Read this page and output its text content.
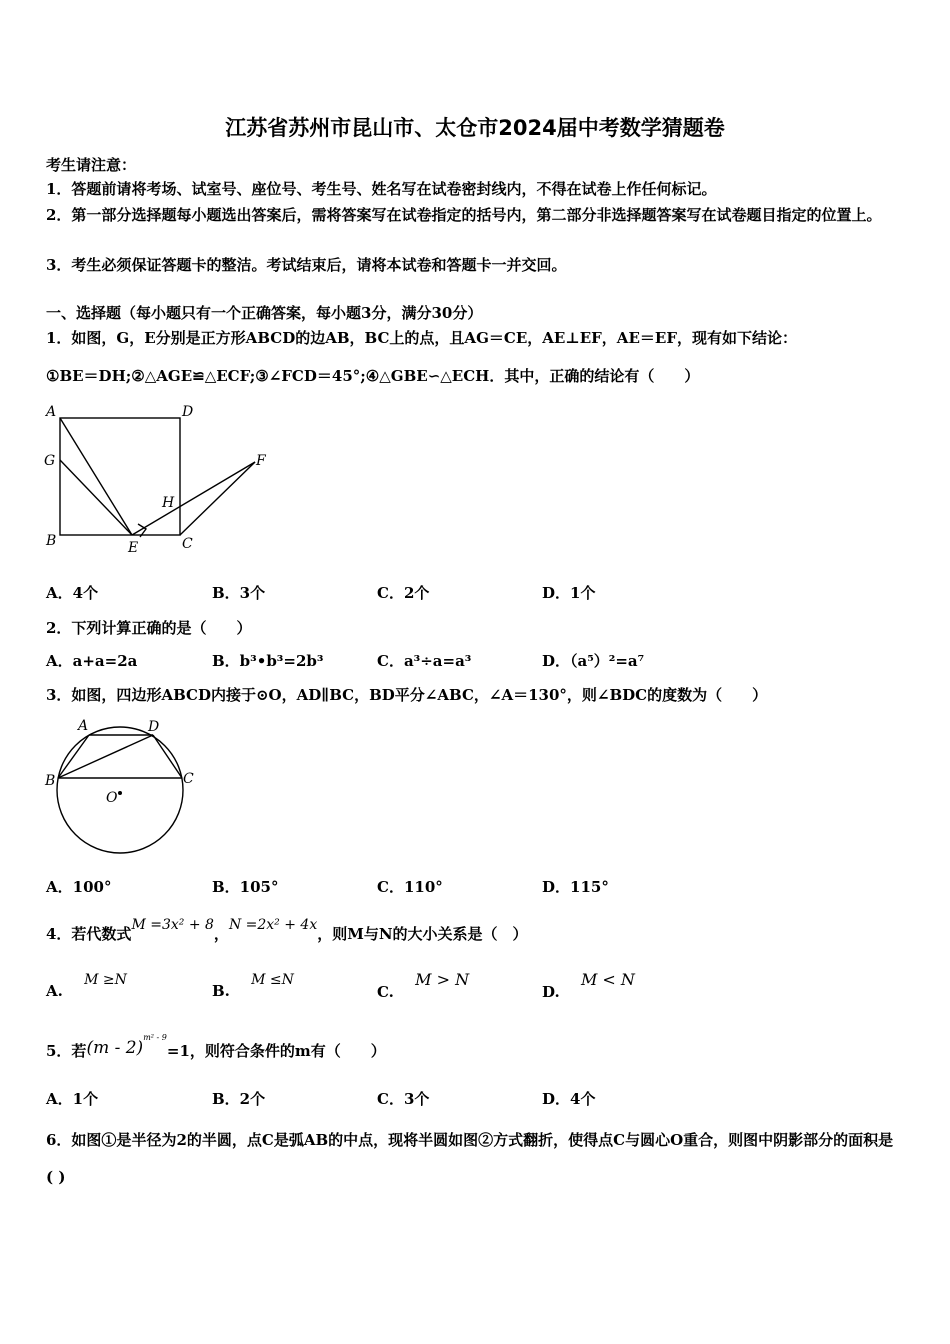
江苏省苏州市昆山市、太仓市2024届中考数学猜题卷
考生请注意：
1．答题前请将考场、试室号、座位号、考生号、姓名写在试卷密封线内，不得在试卷上作任何标记。
2．第一部分选择题每小题选出答案后，需将答案写在试卷指定的括号内，第二部分非选择题答案写在试卷题目指定的位置上。
3．考生必须保证答题卡的整洁。考试结束后，请将本试卷和答题卡一并交回。
一、选择题（每小题只有一个正确答案，每小题3分，满分30分）
1．如图，G，E分别是正方形ABCD的边AB，BC上的点，且AG＝CE，AE⊥EF，AE＝EF，现有如下结论：
①BE＝DH;②△AGE≌△ECF;③∠FCD＝45°;④△GBE∽△ECH．其中，正确的结论有（　　）
A	D
G	F
H
B	E	C
A．4个	B．3个	C．2个	D．1个
2．下列计算正确的是（　　）
A．a+a=2a	B．b³•b³=2b³	C．a³÷a=a³	D．（a⁵）²=a⁷
3．如图，四边形ABCD内接于⊙O，AD∥BC，BD平分∠ABC，∠A＝130°，则∠BDC的度数为（　　）
A	D
B	C
O
A．100°	B．105°	C．110°	D．115°
4．若代数式M =3x² + 8，N =2x² + 4x，则M与N的大小关系是（　）
A. M ≥N
B. M ≤N
C. M > N
D. M < N
5．若(m - 2)$^{m^2 - 9}$=1，则符合条件的m有（　　）
A．1个	B．2个	C．3个	D．4个
6．如图①是半径为2的半圆，点C是弧AB的中点，现将半圆如图②方式翻折，使得点C与圆心O重合，则图中阴影部分的面积是( )
